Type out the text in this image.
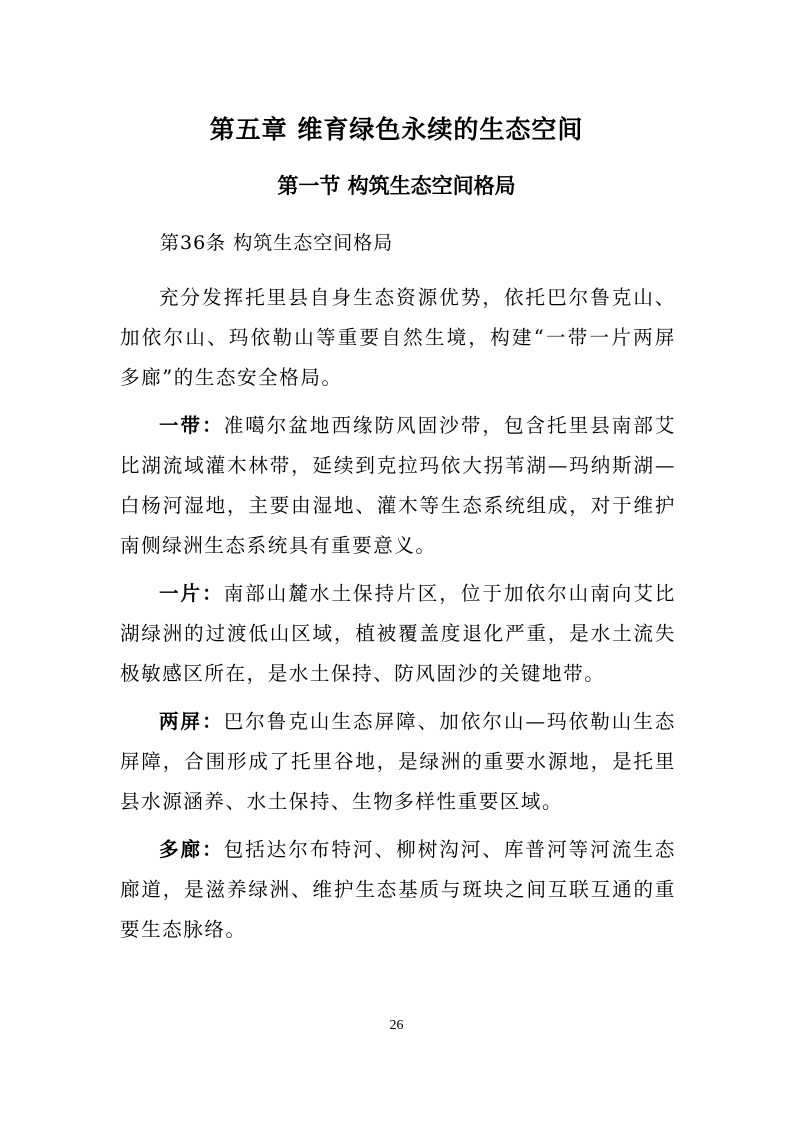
第五章 维育绿色永续的生态空间
第一节 构筑生态空间格局
第36条 构筑生态空间格局

充分发挥托里县自身生态资源优势，依托巴尔鲁克山、加依尔山、玛依勒山等重要自然生境，构建“一带一片两屏多廊”的生态安全格局。

一带：准噶尔盆地西缘防风固沙带，包含托里县南部艾比湖流域灌木林带，延续到克拉玛依大拐苇湖—玛纳斯湖—白杨河湿地，主要由湿地、灌木等生态系统组成，对于维护南侧绿洲生态系统具有重要意义。

一片：南部山麓水土保持片区，位于加依尔山南向艾比湖绿洲的过渡低山区域，植被覆盖度退化严重，是水土流失极敏感区所在，是水土保持、防风固沙的关键地带。

两屏：巴尔鲁克山生态屏障、加依尔山—玛依勒山生态屏障，合围形成了托里谷地，是绿洲的重要水源地，是托里县水源涵养、水土保持、生物多样性重要区域。

多廊：包括达尔布特河、柳树沟河、库普河等河流生态廊道，是滋养绿洲、维护生态基质与斑块之间互联互通的重要生态脉络。

26
